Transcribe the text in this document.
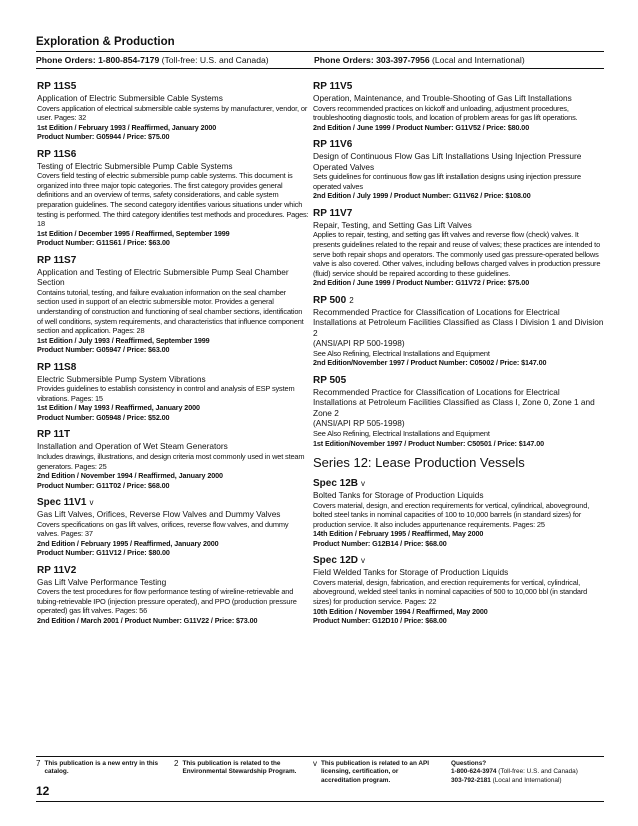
Exploration & Production
Phone Orders: 1-800-854-7179 (Toll-free: U.S. and Canada)	Phone Orders: 303-397-7956 (Local and International)
RP 11S5
Application of Electric Submersible Cable Systems
Covers application of electrical submersible cable systems by manufacturer, vendor, or user. Pages: 32
1st Edition / February 1993 / Reaffirmed, January 2000
Product Number: G05944 / Price: $75.00
RP 11S6
Testing of Electric Submersible Pump Cable Systems
Covers field testing of electric submersible pump cable systems. This document is organized into three major topic categories. The first category provides general definitions and an overview of terms, safety considerations, and cable system preparation guidelines. The second category identifies various situations under which testing is performed. The third category identifies test methods and procedures. Pages: 18
1st Edition / December 1995 / Reaffirmed, September 1999
Product Number: G11S61 / Price: $63.00
RP 11S7
Application and Testing of Electric Submersible Pump Seal Chamber Section
Contains tutorial, testing, and failure evaluation information on the seal chamber section used in support of an electric submersible motor. Provides a general understanding of construction and functioning of seal chamber sections, identification of well conditions, system requirements, and characteristics that influence component section and application. Pages: 28
1st Edition / July 1993 / Reaffirmed, September 1999
Product Number: G05947 / Price: $63.00
RP 11S8
Electric Submersible Pump System Vibrations
Provides guidelines to establish consistency in control and analysis of ESP system vibrations. Pages: 15
1st Edition / May 1993 / Reaffirmed, January 2000
Product Number: G05948 / Price: $52.00
RP 11T
Installation and Operation of Wet Steam Generators
Includes drawings, illustrations, and design criteria most commonly used in wet steam generators. Pages: 25
2nd Edition / November 1994 / Reaffirmed, January 2000
Product Number: G11T02 / Price: $68.00
Spec 11V1 v
Gas Lift Valves, Orifices, Reverse Flow Valves and Dummy Valves
Covers specifications on gas lift valves, orifices, reverse flow valves, and dummy valves. Pages: 37
2nd Edition / February 1995 / Reaffirmed, January 2000
Product Number: G11V12 / Price: $80.00
RP 11V2
Gas Lift Valve Performance Testing
Covers the test procedures for flow performance testing of wireline-retrievable and tubing-retrievable IPO (injection pressure operated), and PPO (production pressure operated) gas lift valves. Pages: 56
2nd Edition / March 2001 / Product Number: G11V22 / Price: $73.00
RP 11V5
Operation, Maintenance, and Trouble-Shooting of Gas Lift Installations
Covers recommended practices on kickoff and unloading, adjustment procedures, troubleshooting diagnostic tools, and location of problem areas for gas lift operations.
2nd Edition / June 1999 / Product Number: G11V52 / Price: $80.00
RP 11V6
Design of Continuous Flow Gas Lift Installations Using Injection Pressure Operated Valves
Sets guidelines for continuous flow gas lift installation designs using injection pressure operated valves
2nd Edition / July 1999 / Product Number: G11V62 / Price: $108.00
RP 11V7
Repair, Testing, and Setting Gas Lift Valves
Applies to repair, testing, and setting gas lift valves and reverse flow (check) valves. It presents guidelines related to the repair and reuse of valves; these practices are intended to serve both repair shops and operators. The commonly used gas pressure-operated bellows valve is also covered. Other valves, including bellows charged valves in production pressure (fluid) service should be repaired according to these guidelines.
2nd Edition / June 1999 / Product Number: G11V72 / Price: $75.00
RP 500 2
Recommended Practice for Classification of Locations for Electrical Installations at Petroleum Facilities Classified as Class I Division 1 and Division 2
(ANSI/API RP 500-1998)
See Also Refining, Electrical Installations and Equipment
2nd Edition/November 1997 / Product Number: C05002 / Price: $147.00
RP 505
Recommended Practice for Classification of Locations for Electrical Installations at Petroleum Facilities Classified as Class I, Zone 0, Zone 1 and Zone 2
(ANSI/API RP 505-1998)
See Also Refining, Electrical Installations and Equipment
1st Edition/November 1997 / Product Number: C50501 / Price: $147.00
Series 12: Lease Production Vessels
Spec 12B v
Bolted Tanks for Storage of Production Liquids
Covers material, design, and erection requirements for vertical, cylindrical, aboveground, bolted steel tanks in nominal capacities of 100 to 10,000 barrels (in standard sizes) for production service. It also includes appurtenance requirements. Pages: 25
14th Edition / February 1995 / Reaffirmed, May 2000
Product Number: G12B14 / Price: $68.00
Spec 12D v
Field Welded Tanks for Storage of Production Liquids
Covers material, design, fabrication, and erection requirements for vertical, cylindrical, aboveground, welded steel tanks in nominal capacities of 500 to 10,000 bbl (in standard sizes) for production service. Pages: 22
10th Edition / November 1994 / Reaffirmed, May 2000
Product Number: G12D10 / Price: $68.00
7 This publication is a new entry in this catalog.
2 This publication is related to the Environmental Stewardship Program.
v This publication is related to an API licensing, certification, or accreditation program.
Questions?
1-800-624-3974 (Toll-free: U.S. and Canada)
303-792-2181 (Local and International)
12
